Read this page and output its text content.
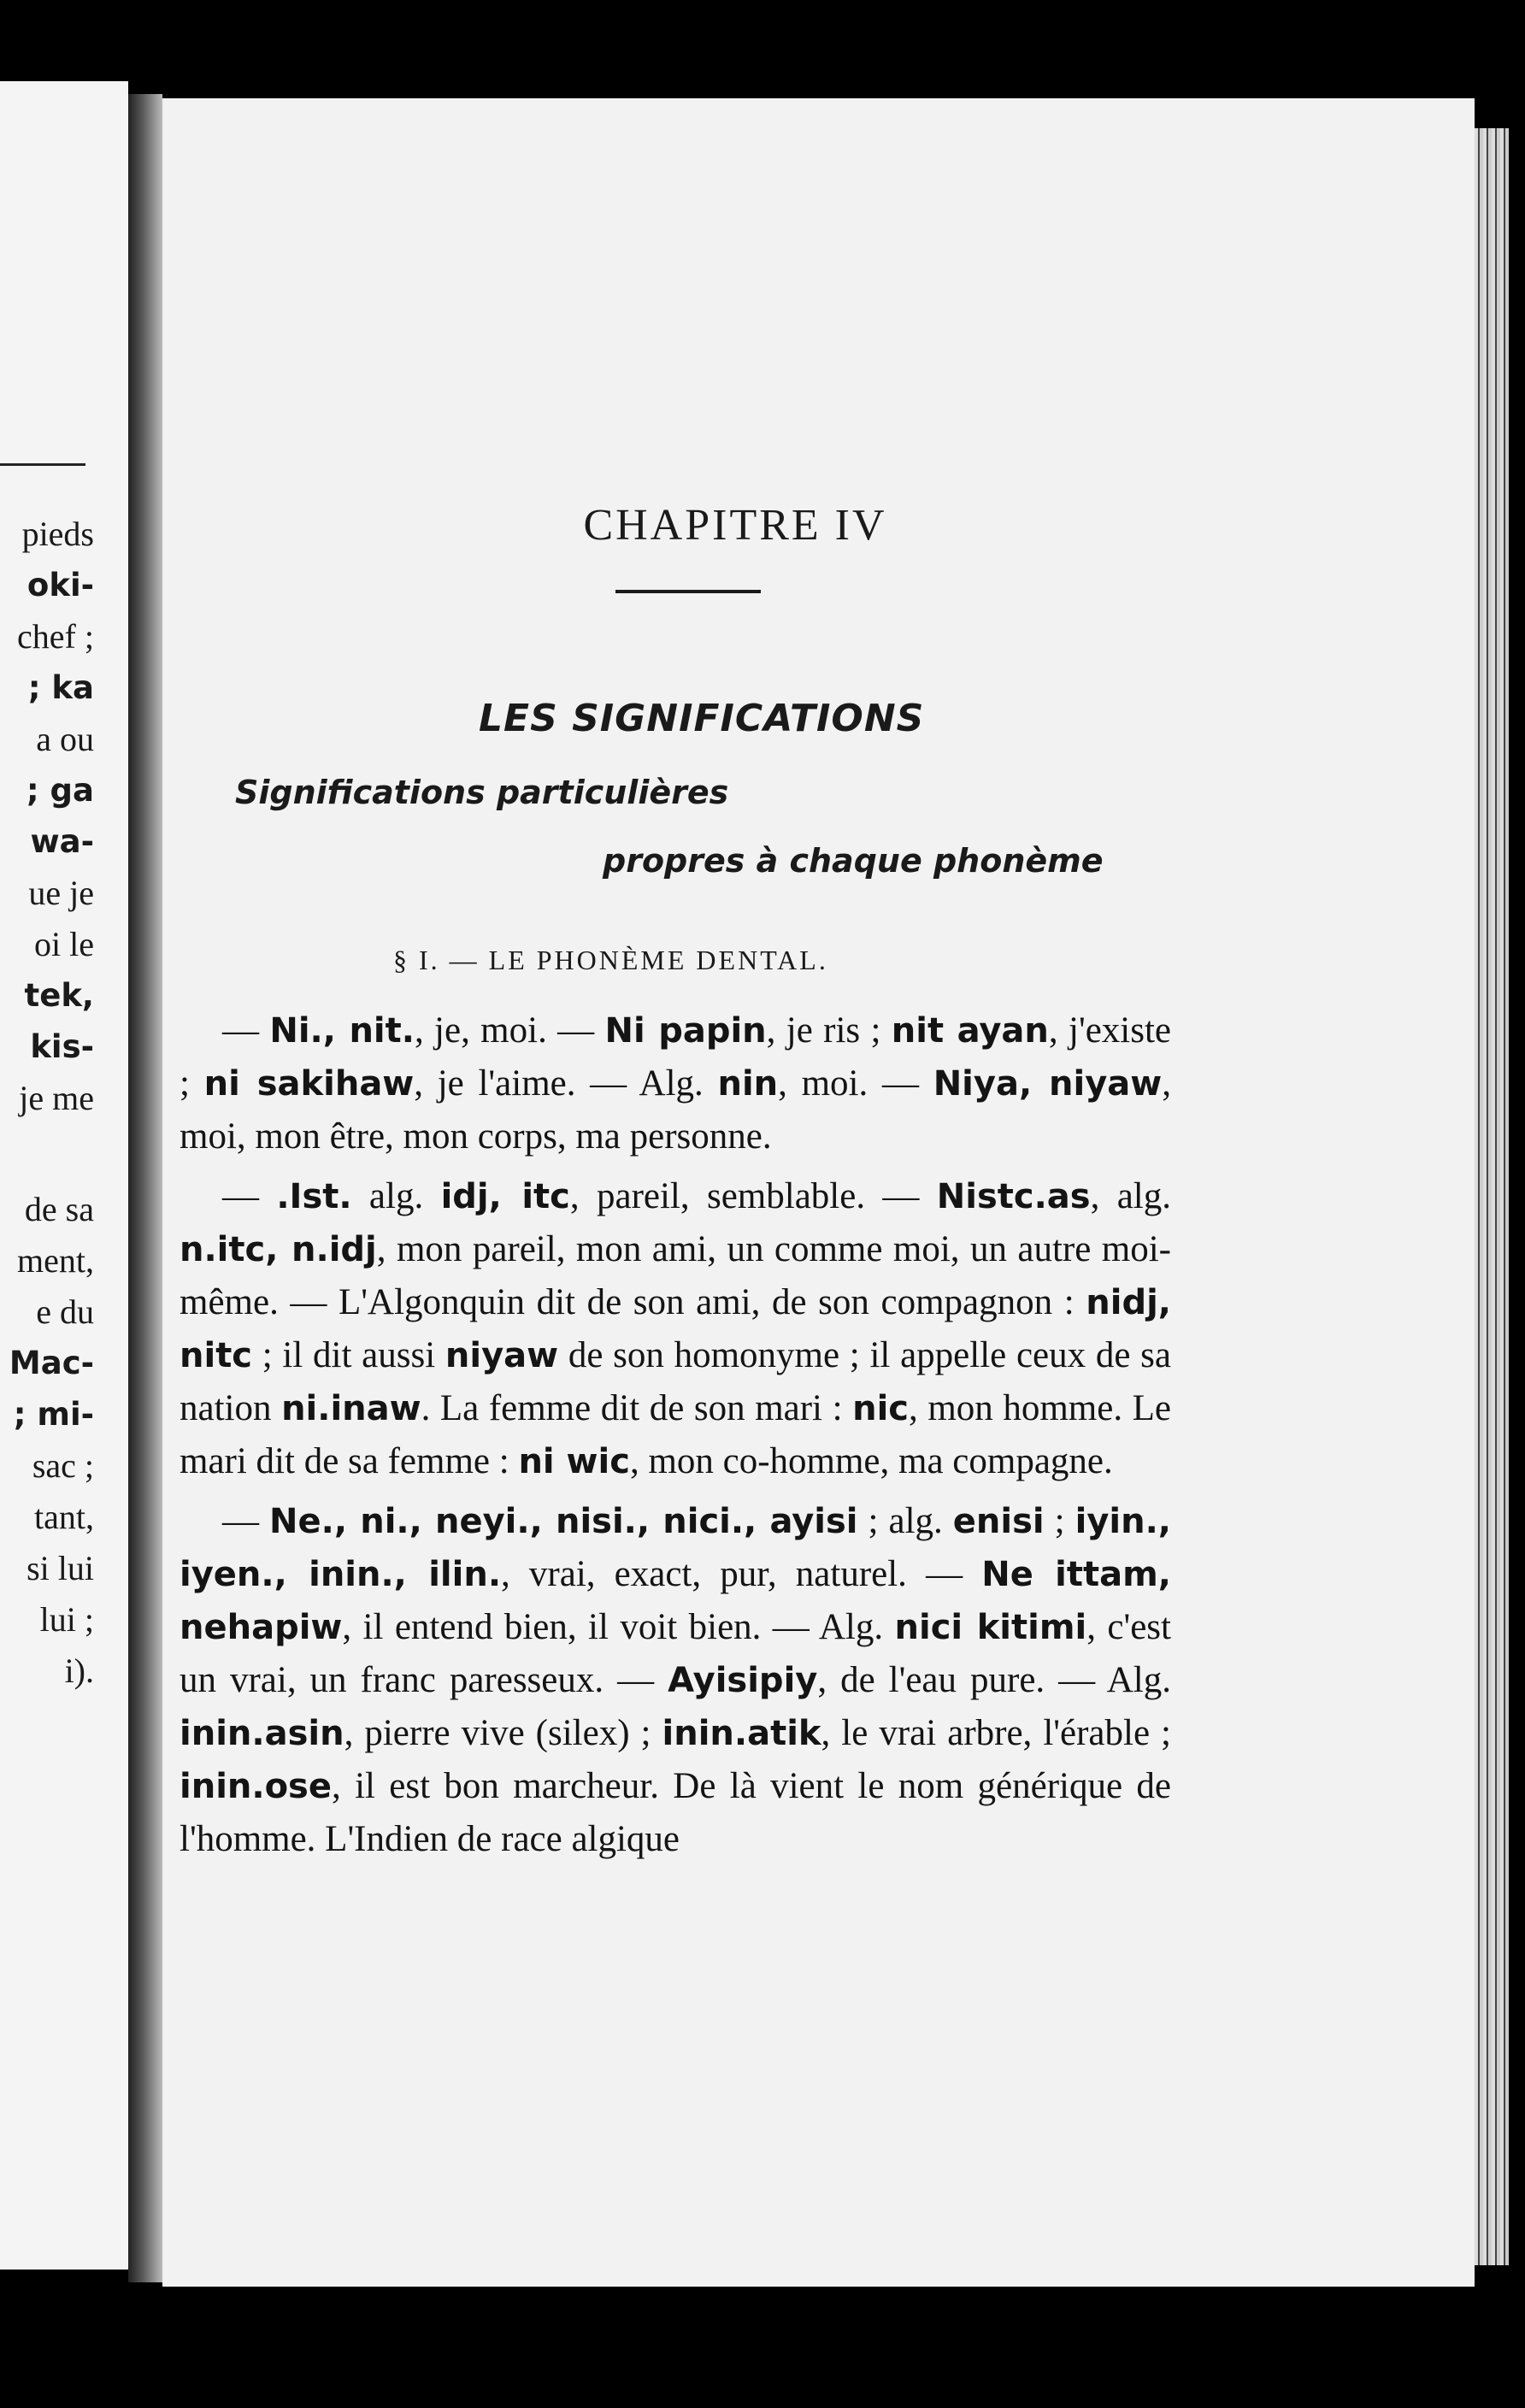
pieds
oki-
chef ;
; ka
a ou
; ga
wa-
ue je
oi le
tek,
kis-
je me
de sa
ment,
e du
Mac-
; mi-
sac ;
tant,
si lui
lui ;
i).
CHAPITRE IV
LES SIGNIFICATIONS
Significations particulières
propres à chaque phonème
§ I. — LE PHONÈME DENTAL.

— Ni., nit., je, moi. — Ni papin, je ris ; nit ayan, j'existe ; ni sakihaw, je l'aime. — Alg. nin, moi. — Niya, niyaw, moi, mon être, mon corps, ma personne.

— .Ist. alg. idj, itc, pareil, semblable. — Nistc.as, alg. n.itc, n.idj, mon pareil, mon ami, un comme moi, un autre moi-même. — L'Algonquin dit de son ami, de son compagnon : nidj, nitc ; il dit aussi niyaw de son homonyme ; il appelle ceux de sa nation ni.inaw. La femme dit de son mari : nic, mon homme. Le mari dit de sa femme : ni wic, mon co-homme, ma compagne.

— Ne., ni., neyi., nisi., nici., ayisi ; alg. enisi ; iyin., iyen., inin., ilin., vrai, exact, pur, naturel. — Ne ittam, nehapiw, il entend bien, il voit bien. — Alg. nici kitimi, c'est un vrai, un franc paresseux. — Ayisipiy, de l'eau pure. — Alg. inin.asin, pierre vive (silex) ; inin.atik, le vrai arbre, l'érable ; inin.ose, il est bon marcheur. De là vient le nom générique de l'homme. L'Indien de race algique
